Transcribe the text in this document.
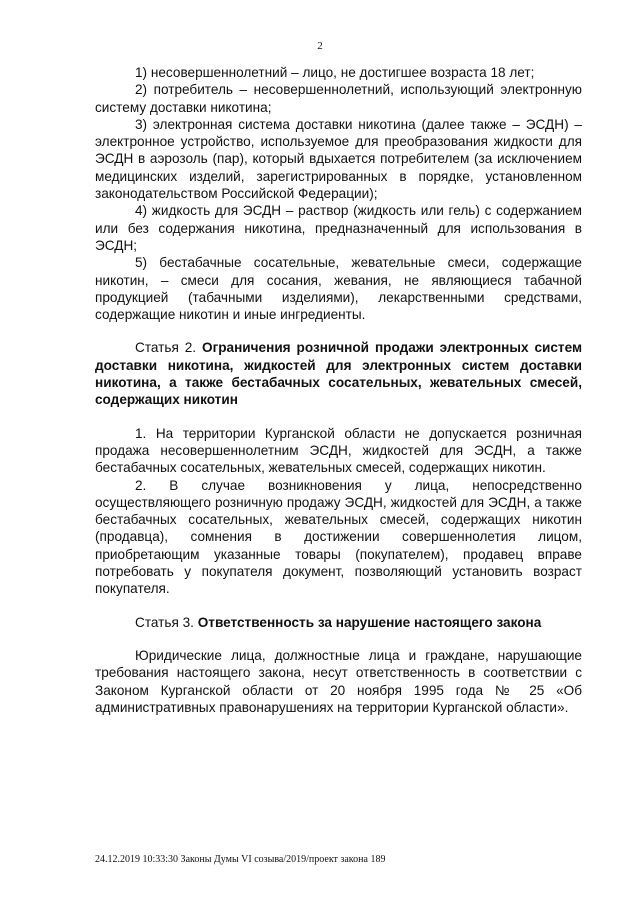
2

1) несовершеннолетний – лицо, не достигшее возраста 18 лет;

2) потребитель – несовершеннолетний, использующий электронную систему доставки никотина;

3) электронная система доставки никотина (далее также – ЭСДН) – электронное устройство, используемое для преобразования жидкости для ЭСДН в аэрозоль (пар), который вдыхается потребителем (за исключением медицинских изделий, зарегистрированных в порядке, установленном законодательством Российской Федерации);

4) жидкость для ЭСДН – раствор (жидкость или гель) с содержанием или без содержания никотина, предназначенный для использования в ЭСДН;

5) бестабачные сосательные, жевательные смеси, содержащие никотин, – смеси для сосания, жевания, не являющиеся табачной продукцией (табачными изделиями), лекарственными средствами, содержащие никотин и иные ингредиенты.

Статья 2. Ограничения розничной продажи электронных систем доставки никотина, жидкостей для электронных систем доставки никотина, а также бестабачных сосательных, жевательных смесей, содержащих никотин

1. На территории Курганской области не допускается розничная продажа несовершеннолетним ЭСДН, жидкостей для ЭСДН, а также бестабачных сосательных, жевательных смесей, содержащих никотин.

2. В случае возникновения у лица, непосредственно осуществляющего розничную продажу ЭСДН, жидкостей для ЭСДН, а также бестабачных сосательных, жевательных смесей, содержащих никотин (продавца), сомнения в достижении совершеннолетия лицом, приобретающим указанные товары (покупателем), продавец вправе потребовать у покупателя документ, позволяющий установить возраст покупателя.

Статья 3. Ответственность за нарушение настоящего закона

Юридические лица, должностные лица и граждане, нарушающие требования настоящего закона, несут ответственность в соответствии с Законом Курганской области от 20 ноября 1995 года № 25 «Об административных правонарушениях на территории Курганской области».

24.12.2019 10:33:30 Законы Думы VI созыва/2019/проект закона 189
